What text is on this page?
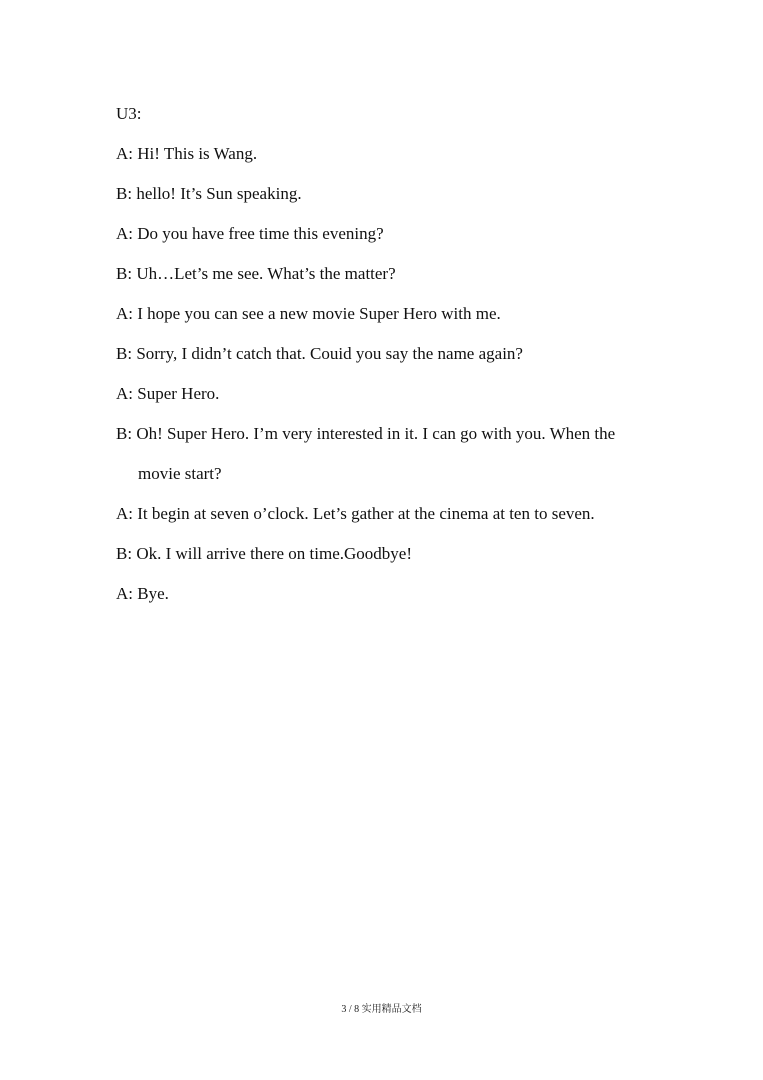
U3:

A: Hi! This is Wang.

B: hello! It’s Sun speaking.

A: Do you have free time this evening?

B: Uh…Let’s me see. What’s the matter?

A: I hope you can see a new movie Super Hero with me.

B: Sorry, I didn’t catch that. Couid you say the name again?

A: Super Hero.

B: Oh! Super Hero. I’m very interested in it. I can go with you. When the
movie start?

A: It begin at seven o’clock. Let’s gather at the cinema at ten to seven.

B: Ok. I will arrive there on time.Goodbye!

A: Bye.

3 / 8 实用精品文档
